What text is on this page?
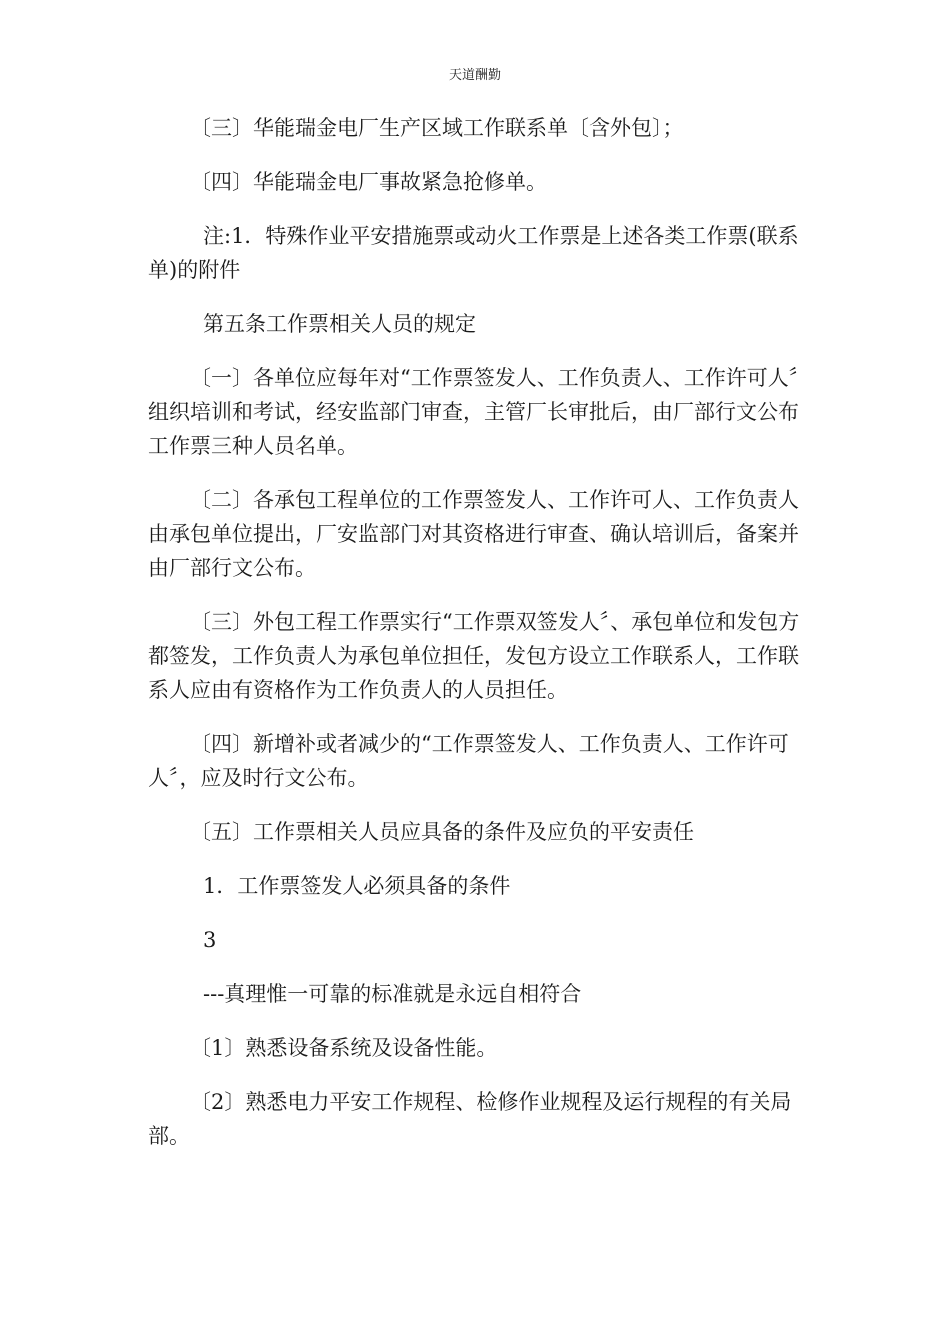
天道酬勤

〔三〕华能瑞金电厂生产区域工作联系单〔含外包〕；

〔四〕华能瑞金电厂事故紧急抢修单。

注:1．特殊作业平安措施票或动火工作票是上述各类工作票(联系单)的附件

第五条工作票相关人员的规定

〔一〕各单位应每年对“工作票签发人、工作负责人、工作许可人〞组织培训和考试，经安监部门审查，主管厂长审批后，由厂部行文公布工作票三种人员名单。

〔二〕各承包工程单位的工作票签发人、工作许可人、工作负责人由承包单位提出，厂安监部门对其资格进行审查、确认培训后，备案并由厂部行文公布。

〔三〕外包工程工作票实行“工作票双签发人〞、承包单位和发包方都签发，工作负责人为承包单位担任，发包方设立工作联系人，工作联系人应由有资格作为工作负责人的人员担任。

〔四〕新增补或者减少的“工作票签发人、工作负责人、工作许可人〞，应及时行文公布。

〔五〕工作票相关人员应具备的条件及应负的平安责任

1．工作票签发人必须具备的条件

3

---真理惟一可靠的标准就是永远自相符合

〔1〕熟悉设备系统及设备性能。

〔2〕熟悉电力平安工作规程、检修作业规程及运行规程的有关局部。
